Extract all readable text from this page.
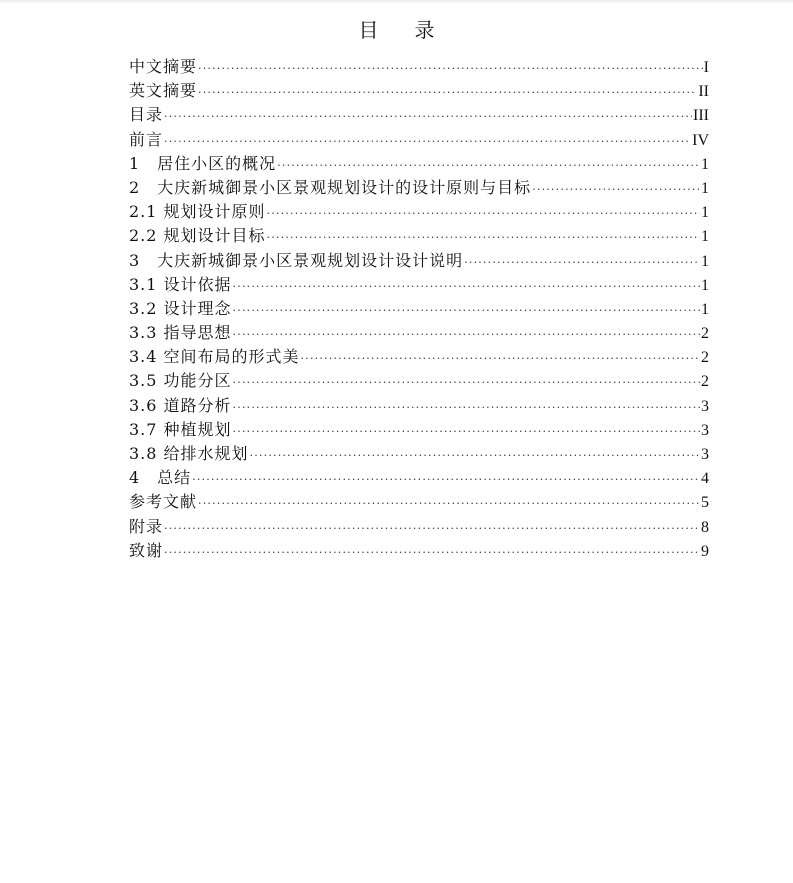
目 录
中文摘要 ·····	I
英文摘要 ·····	II
目录 ·····	III
前言 ·····	IV
1　居住小区的概况 ·····	1
2　大庆新城御景小区景观规划设计的设计原则与目标 ·····	1
2.1 规划设计原则 ·····	1
2.2 规划设计目标 ·····	1
3　大庆新城御景小区景观规划设计设计说明 ·····	1
3.1 设计依据 ·····	1
3.2 设计理念 ·····	1
3.3 指导思想 ·····	2
3.4 空间布局的形式美 ·····	2
3.5 功能分区 ·····	2
3.6 道路分析 ·····	3
3.7 种植规划 ·····	3
3.8 给排水规划 ·····	3
4　总结 ·····	4
参考文献 ·····	5
附录 ·····	8
致谢 ·····	9
